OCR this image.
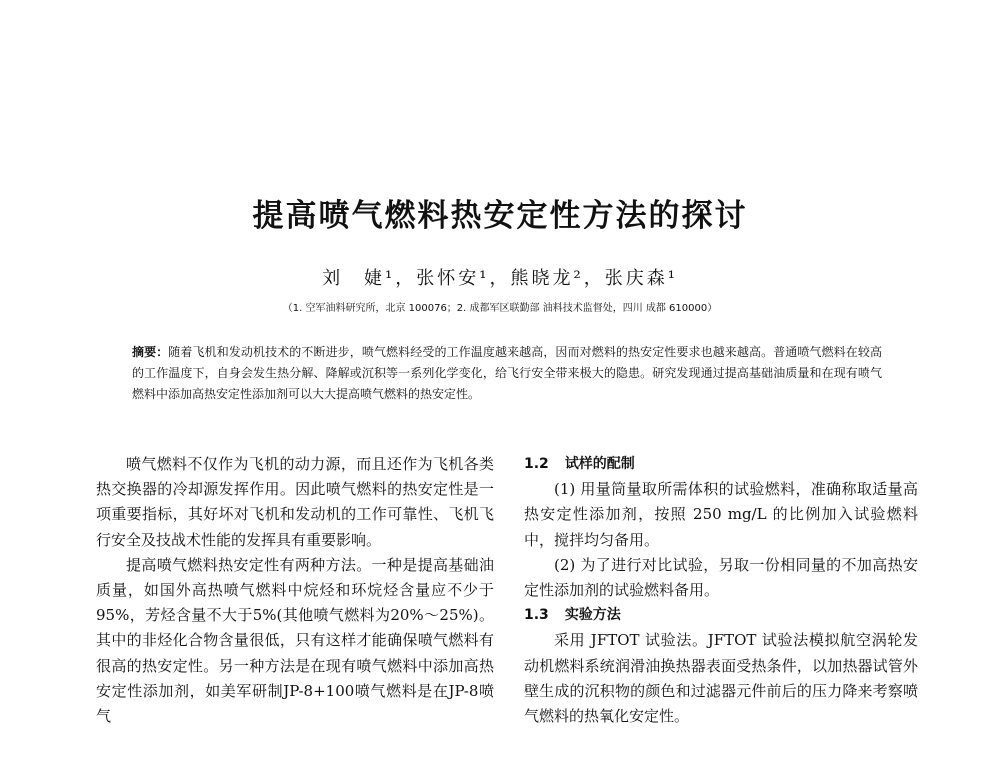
提高喷气燃料热安定性方法的探讨

刘　婕¹，张怀安¹，熊晓龙²，张庆森¹

（1. 空军油料研究所，北京 100076；2. 成都军区联勤部 油料技术监督处，四川 成都 610000）

摘要：随着飞机和发动机技术的不断进步，喷气燃料经受的工作温度越来越高，因而对燃料的热安定性要求也越来越高。普通喷气燃料在较高的工作温度下，自身会发生热分解、降解或沉积等一系列化学变化，给飞行安全带来极大的隐患。研究发现通过提高基础油质量和在现有喷气燃料中添加高热安定性添加剂可以大大提高喷气燃料的热安定性。

喷气燃料不仅作为飞机的动力源，而且还作为飞机各类热交换器的冷却源发挥作用。因此喷气燃料的热安定性是一项重要指标，其好坏对飞机和发动机的工作可靠性、飞机飞行安全及技战术性能的发挥具有重要影响。

提高喷气燃料热安定性有两种方法。一种是提高基础油质量，如国外高热喷气燃料中烷烃和环烷烃含量应不少于95%，芳烃含量不大于5%(其他喷气燃料为20%～25%)。其中的非烃化合物含量很低，只有这样才能确保喷气燃料有很高的热安定性。另一种方法是在现有喷气燃料中添加高热安定性添加剂，如美军研制JP-8+100喷气燃料是在JP-8喷气

1.2 试样的配制

(1) 用量筒量取所需体积的试验燃料，准确称取适量高热安定性添加剂，按照 250 mg/L 的比例加入试验燃料中，搅拌均匀备用。

(2) 为了进行对比试验，另取一份相同量的不加高热安定性添加剂的试验燃料备用。

1.3 实验方法

采用 JFTOT 试验法。JFTOT 试验法模拟航空涡轮发动机燃料系统润滑油换热器表面受热条件，以加热器试管外壁生成的沉积物的颜色和过滤器元件前后的压力降来考察喷气燃料的热氧化安定性。
